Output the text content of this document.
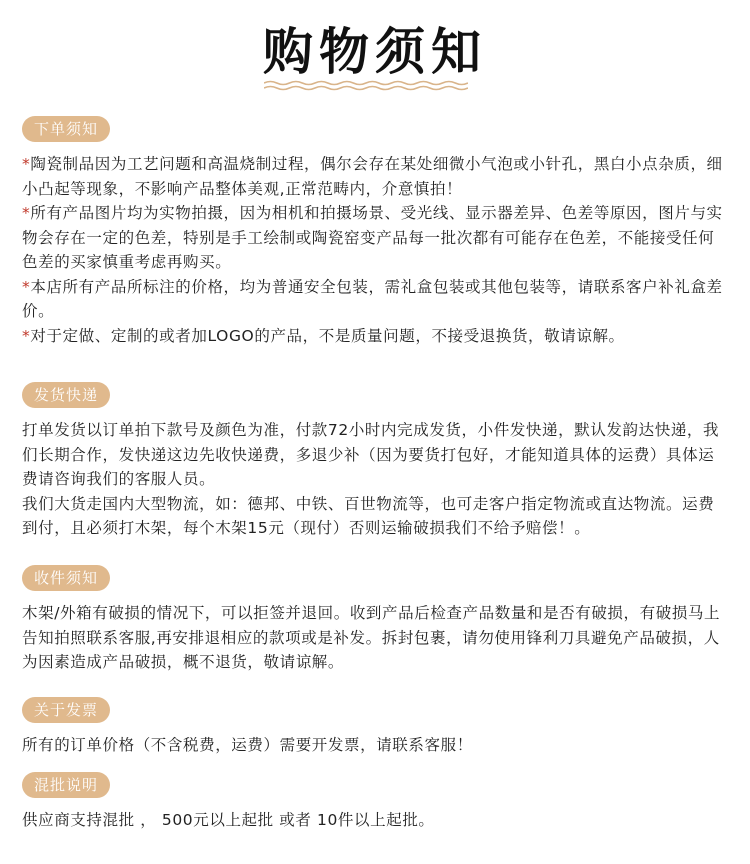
购物须知
下单须知

*陶瓷制品因为工艺问题和高温烧制过程，偶尔会存在某处细微小气泡或小针孔，黑白小点杂质，细小凸起等现象，不影响产品整体美观,正常范畴内，介意慎拍！

*所有产品图片均为实物拍摄，因为相机和拍摄场景、受光线、显示器差异、色差等原因，图片与实物会存在一定的色差，特别是手工绘制或陶瓷窑变产品每一批次都有可能存在色差，不能接受任何色差的买家慎重考虑再购买。

*本店所有产品所标注的价格，均为普通安全包装，需礼盒包装或其他包装等，请联系客户补礼盒差价。

*对于定做、定制的或者加LOGO的产品，不是质量问题，不接受退换货，敬请谅解。

发货快递

打单发货以订单拍下款号及颜色为准，付款72小时内完成发货，小件发快递，默认发韵达快递，我们长期合作，发快递这边先收快递费，多退少补（因为要货打包好，才能知道具体的运费）具体运费请咨询我们的客服人员。

我们大货走国内大型物流，如：德邦、中铁、百世物流等，也可走客户指定物流或直达物流。运费到付，且必须打木架，每个木架15元（现付）否则运输破损我们不给予赔偿！。

收件须知

木架/外箱有破损的情况下，可以拒签并退回。收到产品后检查产品数量和是否有破损，有破损马上告知拍照联系客服,再安排退相应的款项或是补发。拆封包裹，请勿使用锋利刀具避免产品破损，人为因素造成产品破损，概不退货，敬请谅解。

关于发票

所有的订单价格（不含税费，运费）需要开发票，请联系客服！

混批说明

供应商支持混批 ， 500元以上起批 或者 10件以上起批。
